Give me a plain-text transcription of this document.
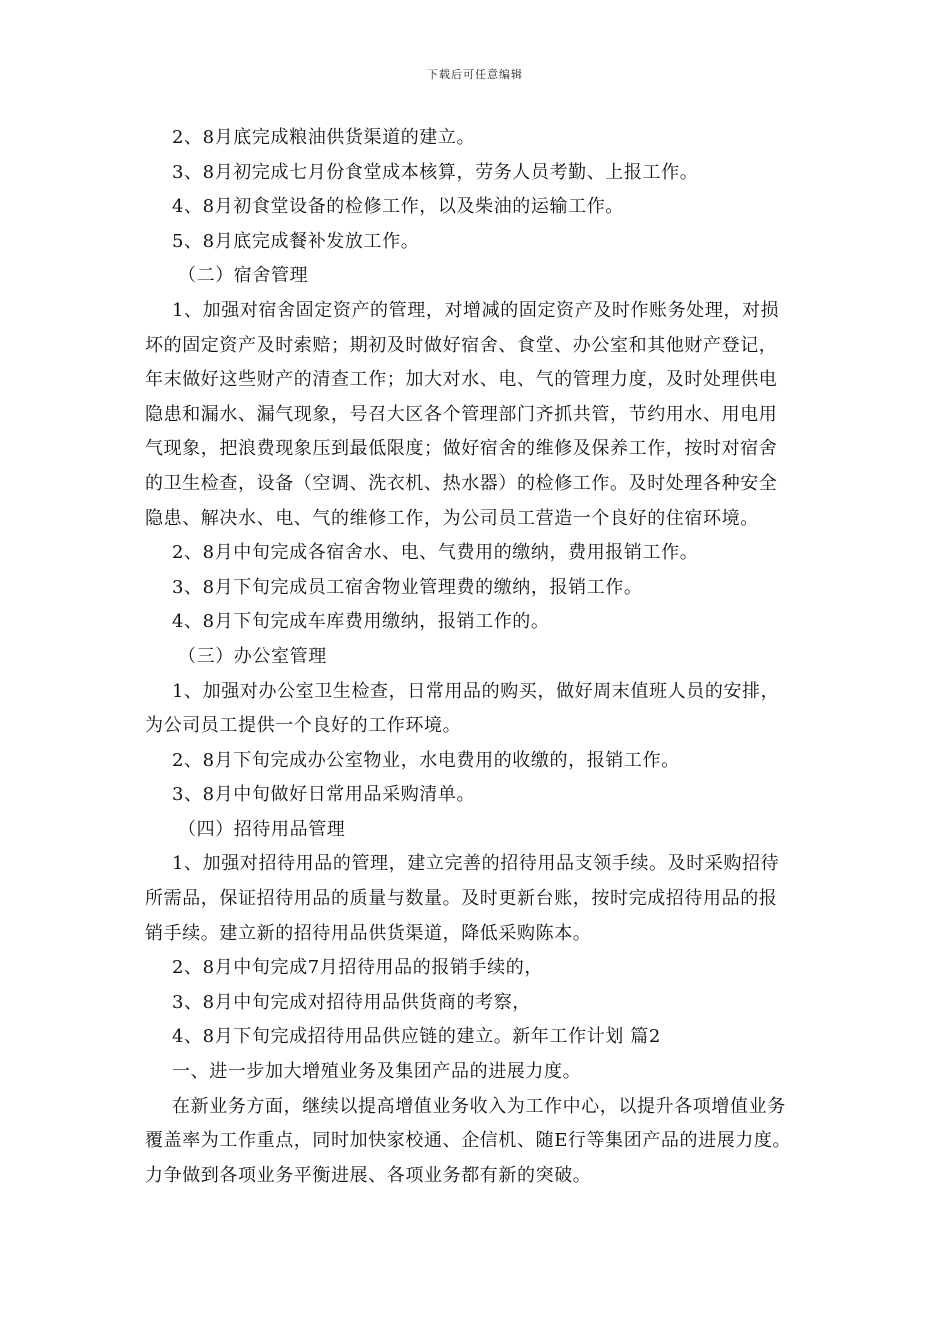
下载后可任意编辑
2、8月底完成粮油供货渠道的建立。
3、8月初完成七月份食堂成本核算，劳务人员考勤、上报工作。
4、8月初食堂设备的检修工作，以及柴油的运输工作。
5、8月底完成餐补发放工作。
（二）宿舍管理
1、加强对宿舍固定资产的管理，对增减的固定资产及时作账务处理，对损
坏的固定资产及时索赔；期初及时做好宿舍、食堂、办公室和其他财产登记，
年末做好这些财产的清查工作；加大对水、电、气的管理力度，及时处理供电
隐患和漏水、漏气现象，号召大区各个管理部门齐抓共管，节约用水、用电用
气现象，把浪费现象压到最低限度；做好宿舍的维修及保养工作，按时对宿舍
的卫生检查，设备（空调、洗衣机、热水器）的检修工作。及时处理各种安全
隐患、解决水、电、气的维修工作，为公司员工营造一个良好的住宿环境。
2、8月中旬完成各宿舍水、电、气费用的缴纳，费用报销工作。
3、8月下旬完成员工宿舍物业管理费的缴纳，报销工作。
4、8月下旬完成车库费用缴纳，报销工作的。
（三）办公室管理
1、加强对办公室卫生检查，日常用品的购买，做好周末值班人员的安排，
为公司员工提供一个良好的工作环境。
2、8月下旬完成办公室物业，水电费用的收缴的，报销工作。
3、8月中旬做好日常用品采购清单。
（四）招待用品管理
1、加强对招待用品的管理，建立完善的招待用品支领手续。及时采购招待
所需品，保证招待用品的质量与数量。及时更新台账，按时完成招待用品的报
销手续。建立新的招待用品供货渠道，降低采购陈本。
2、8月中旬完成7月招待用品的报销手续的，
3、8月中旬完成对招待用品供货商的考察，
4、8月下旬完成招待用品供应链的建立。新年工作计划 篇2
一、进一步加大增殖业务及集团产品的进展力度。
在新业务方面，继续以提高增值业务收入为工作中心，以提升各项增值业务
覆盖率为工作重点，同时加快家校通、企信机、随E行等集团产品的进展力度。
力争做到各项业务平衡进展、各项业务都有新的突破。
